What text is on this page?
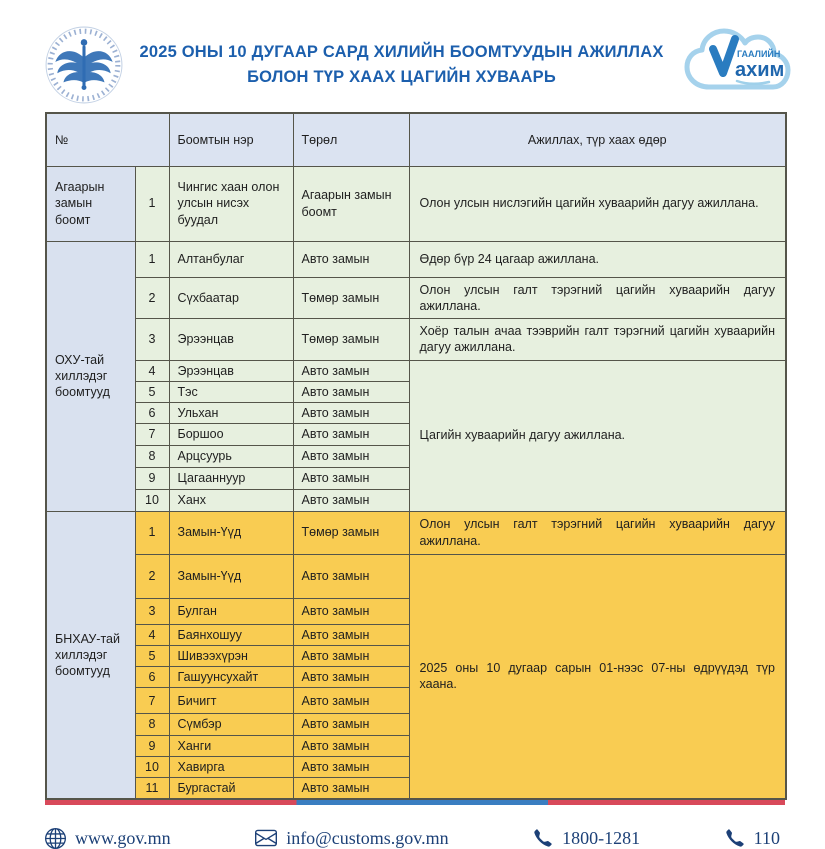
2025 ОНЫ 10 ДУГААР САРД ХИЛИЙН БООМТУУДЫН АЖИЛЛАХ
БОЛОН ТҮР ХААХ ЦАГИЙН ХУВААРЬ
ГААЛИЙН
ахим
№		Боомтын нэр	Төрөл	Ажиллах, түр хаах өдөр
Агаарын замын боомт	1	Чингис хаан олон улсын нисэх буудал	Агаарын замын боомт	Олон улсын нислэгийн цагийн хуваарийн дагуу ажиллана.
ОХУ-тай хиллэдэг боомтууд	1	Алтанбулаг	Авто замын	Өдөр бүр 24 цагаар ажиллана.
	2	Сүхбаатар	Төмөр замын	Олон улсын галт тэрэгний цагийн хуваарийн дагуу ажиллана.
	3	Эрээнцав	Төмөр замын	Хоёр талын ачаа тээврийн галт тэрэгний цагийн хуваарийн дагуу ажиллана.
	4	Эрээнцав	Авто замын	Цагийн хуваарийн дагуу ажиллана.
	5	Тэс	Авто замын	
	6	Ульхан	Авто замын	
	7	Боршоо	Авто замын	
	8	Арцсуурь	Авто замын	
	9	Цагааннуур	Авто замын	
	10	Ханх	Авто замын	
БНХАУ-тай хиллэдэг боомтууд	1	Замын-Үүд	Төмөр замын	Олон улсын галт тэрэгний цагийн хуваарийн дагуу ажиллана.
	2	Замын-Үүд	Авто замын	2025 оны 10 дугаар сарын 01-нээс 07-ны өдрүүдэд түр хаана.
	3	Булган	Авто замын	
	4	Баянхошуу	Авто замын	
	5	Шивээхүрэн	Авто замын	
	6	Гашуунсухайт	Авто замын	
	7	Бичигт	Авто замын	
	8	Сүмбэр	Авто замын	
	9	Ханги	Авто замын	
	10	Хавирга	Авто замын	
	11	Бургастай	Авто замын	
www.gov.mn	info@customs.gov.mn	1800-1281	110
